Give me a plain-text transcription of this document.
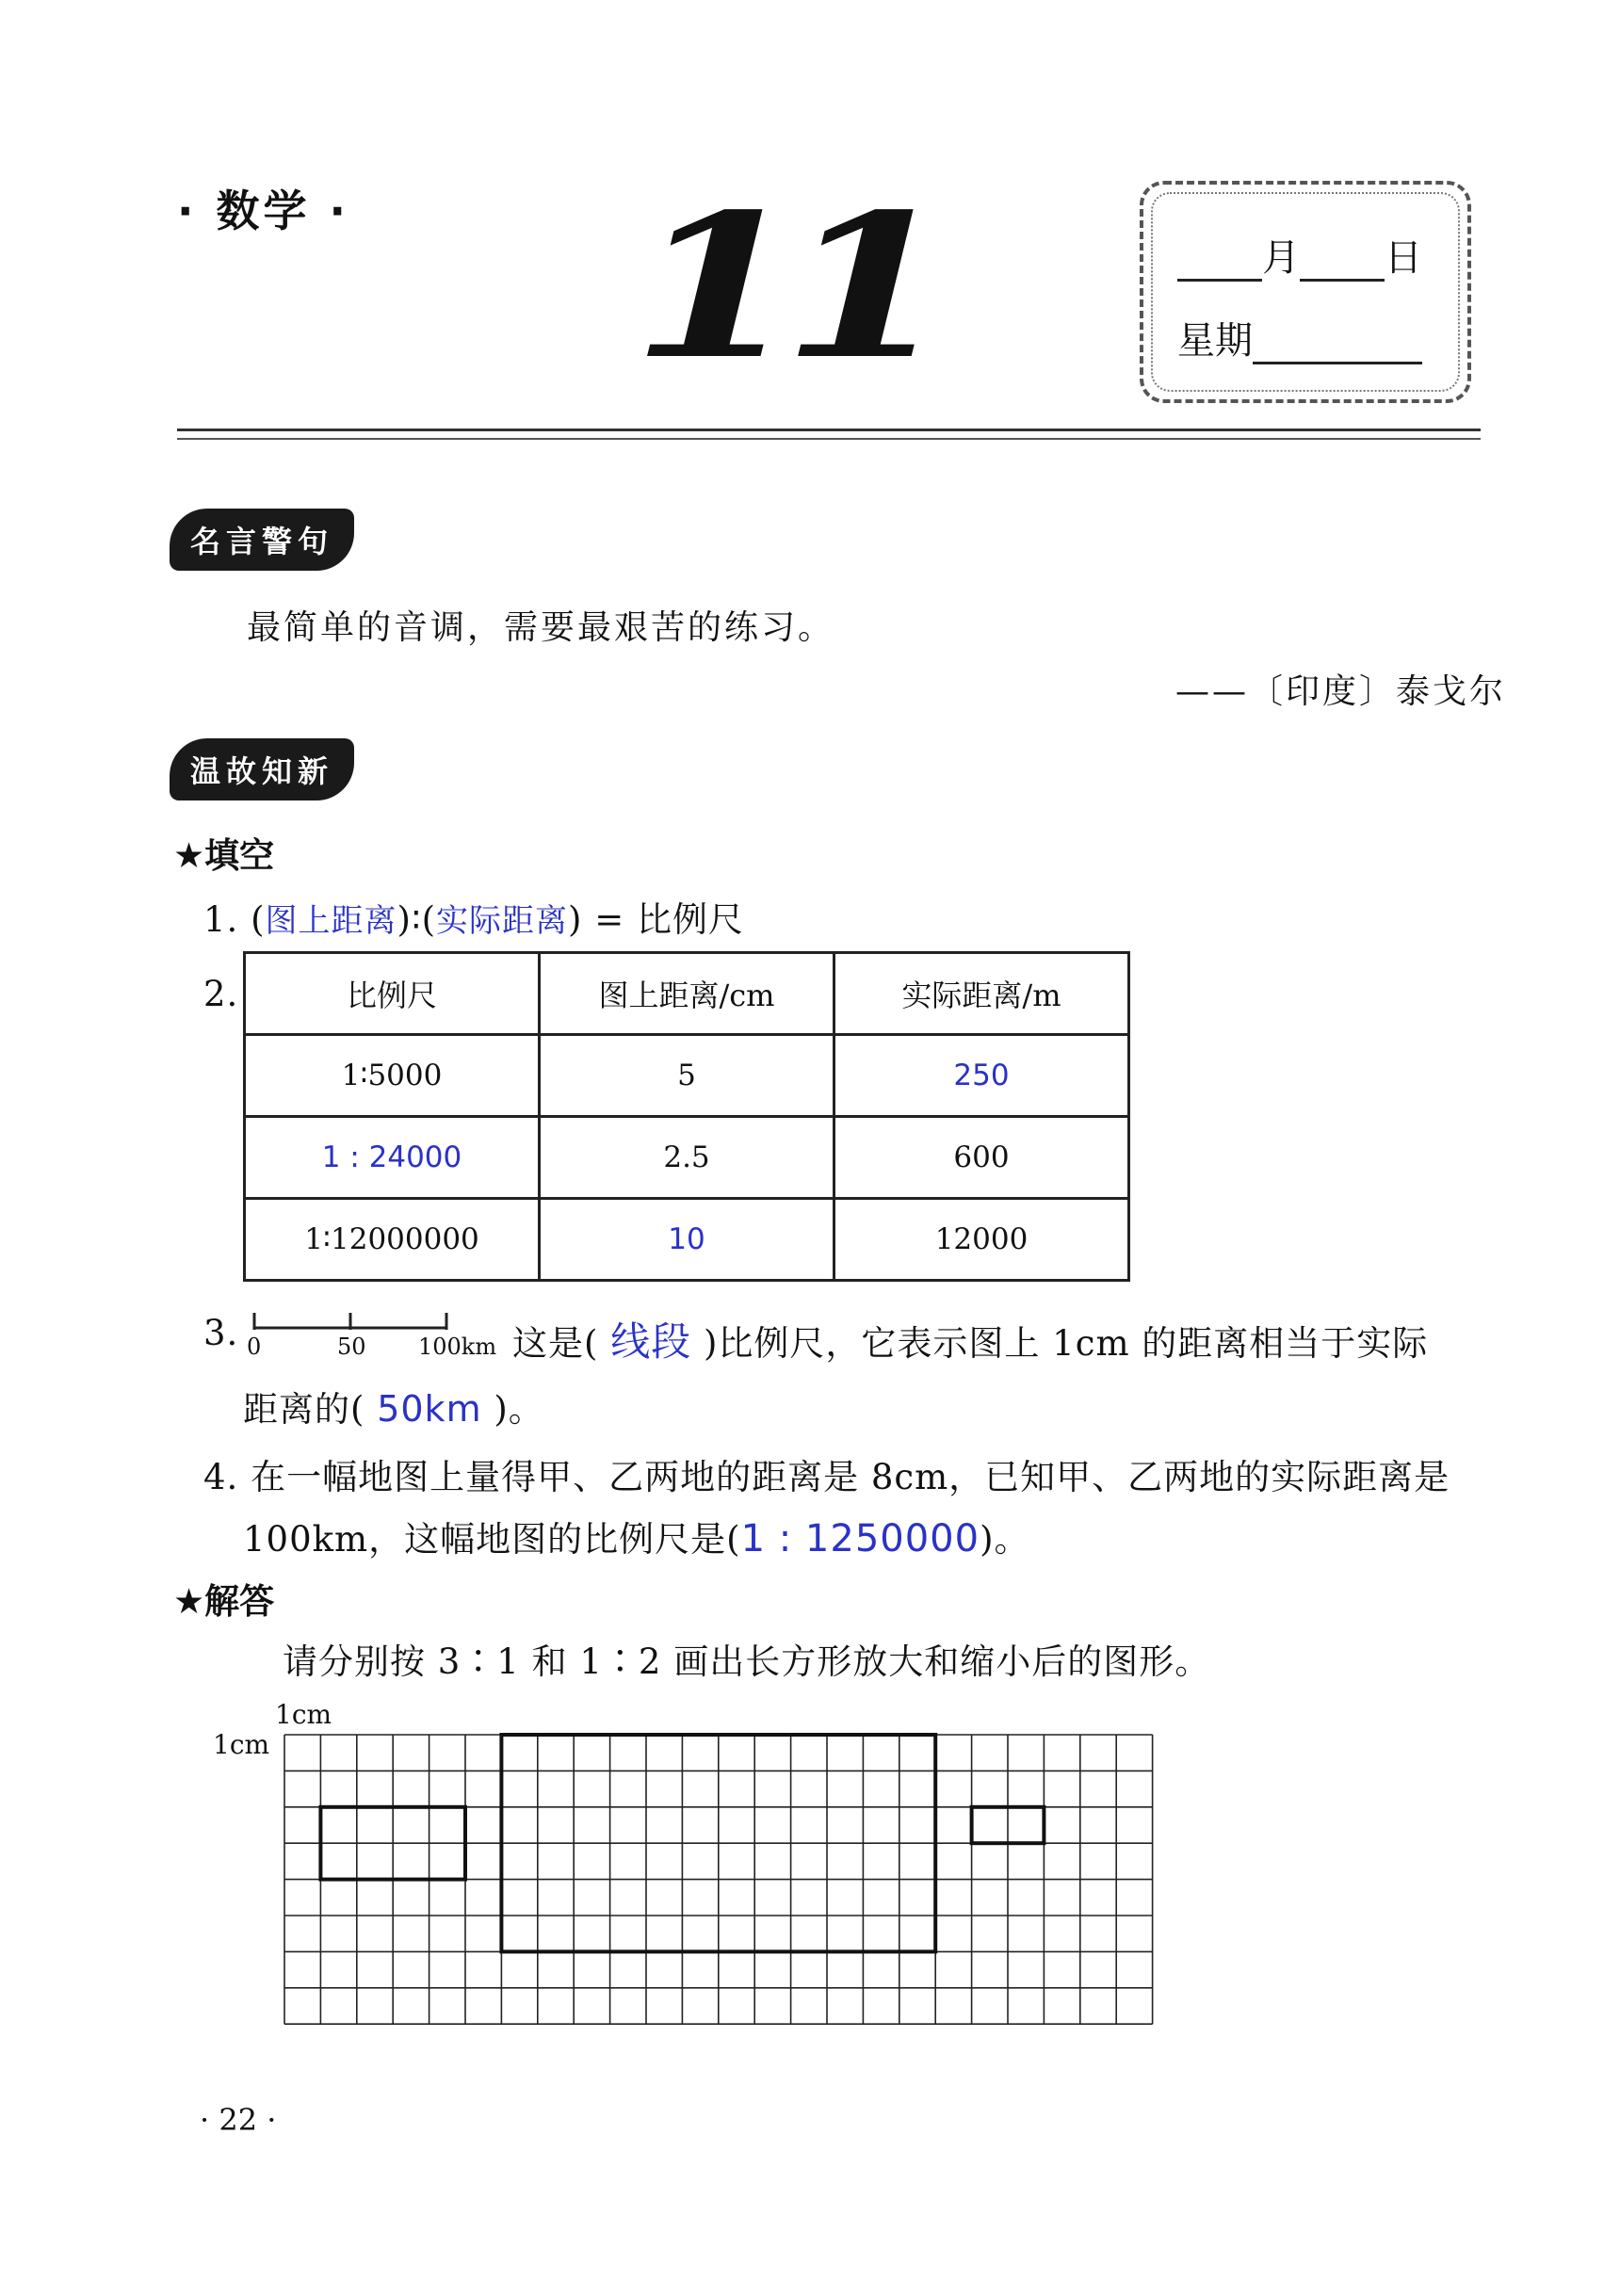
· 数学 · 11	月 日
星期
名言警句
最简单的音调，需要最艰苦的练习。
——〔印度〕泰戈尔
温故知新
★填空
1. (图上距离)∶(实际距离) = 比例尺
2.	比例尺	图上距离/cm	实际距离/m
1∶5000	5	250
1 : 24000	2.5	600
1∶12000000	10	12000
3. 0	50 100km 这是( 线段 )比例尺，它表示图上 1cm 的距离相当于实际
距离的( 50km )。
4. 在一幅地图上量得甲、乙两地的距离是 8cm，已知甲、乙两地的实际距离是
100km，这幅地图的比例尺是(1 : 1250000)。
★解答
请分别按 3∶1 和 1∶2 画出长方形放大和缩小后的图形。
1cm
1cm
· 22 ·
